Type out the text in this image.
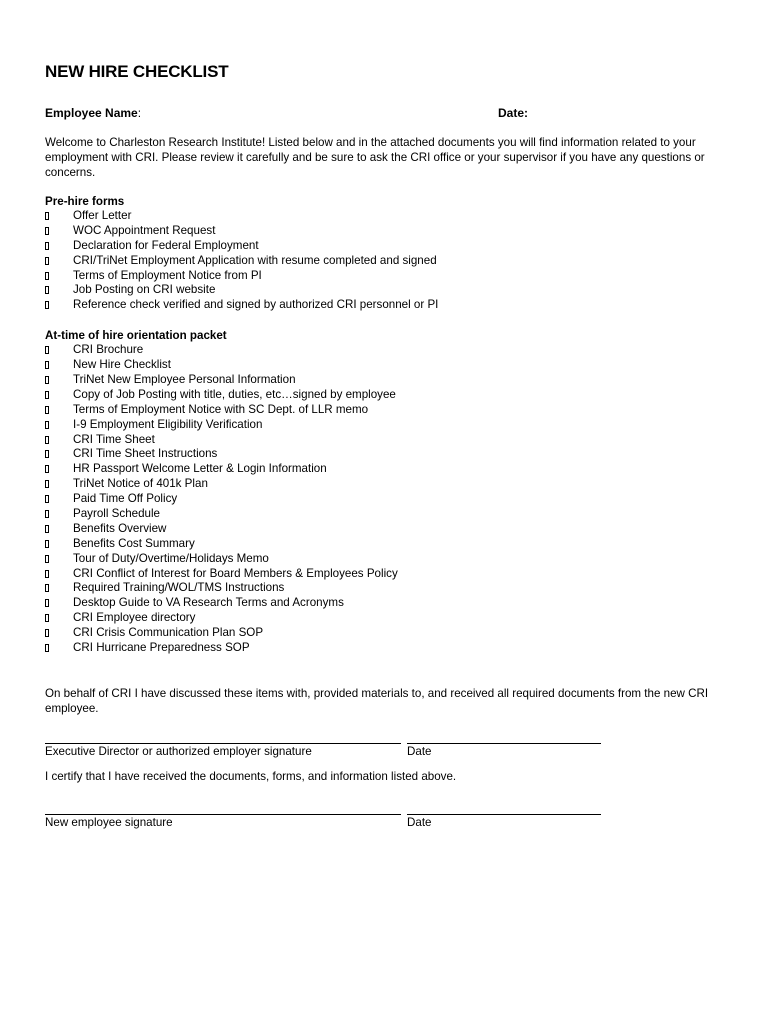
NEW HIRE CHECKLIST
Employee Name:	Date:

Welcome to Charleston Research Institute! Listed below and in the attached documents you will find information related to your employment with CRI. Please review it carefully and be sure to ask the CRI office or your supervisor if you have any questions or concerns.

Pre-hire forms
Offer Letter
WOC Appointment Request
Declaration for Federal Employment
CRI/TriNet Employment Application with resume completed and signed
Terms of Employment Notice from PI
Job Posting on CRI website
Reference check verified and signed by authorized CRI personnel or PI
At-time of hire orientation packet
CRI Brochure
New Hire Checklist
TriNet New Employee Personal Information
Copy of Job Posting with title, duties, etc…signed by employee
Terms of Employment Notice with SC Dept. of LLR memo
I-9 Employment Eligibility Verification
CRI Time Sheet
CRI Time Sheet Instructions
HR Passport Welcome Letter & Login Information
TriNet Notice of 401k Plan
Paid Time Off Policy
Payroll Schedule
Benefits Overview
Benefits Cost Summary
Tour of Duty/Overtime/Holidays Memo
CRI Conflict of Interest for Board Members & Employees Policy
Required Training/WOL/TMS Instructions
Desktop Guide to VA Research Terms and Acronyms
CRI Employee directory
CRI Crisis Communication Plan SOP
CRI Hurricane Preparedness SOP

On behalf of CRI I have discussed these items with, provided materials to, and received all required documents from the new CRI employee.

Executive Director or authorized employer signature	Date

I certify that I have received the documents, forms, and information listed above.

New employee signature	Date
